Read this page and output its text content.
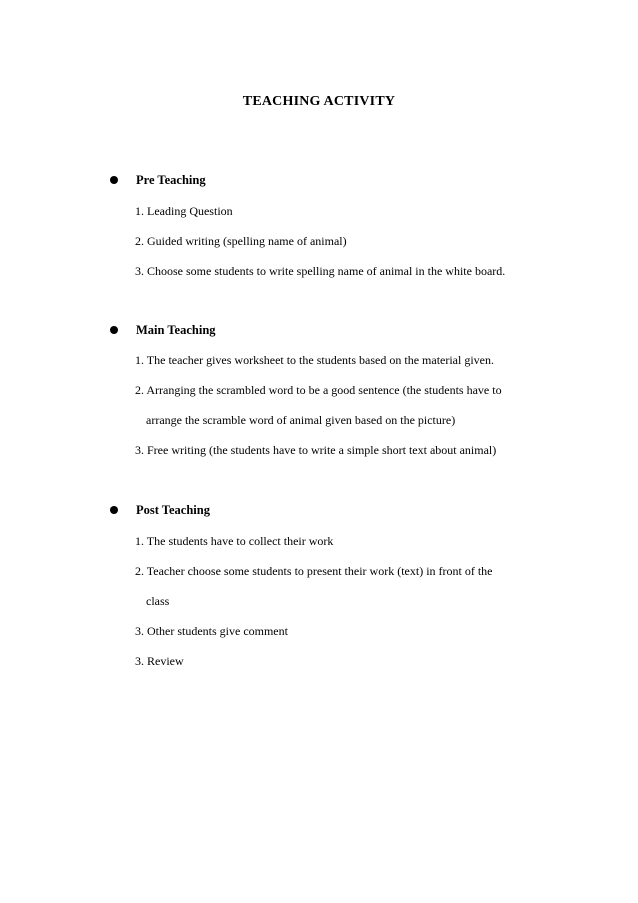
TEACHING ACTIVITY
Pre Teaching
1. Leading Question
2. Guided writing (spelling name of animal)
3. Choose some students to write spelling name of animal in the white board.
Main Teaching
1. The teacher gives worksheet to the students based on the material given.
2. Arranging the scrambled word to be a good sentence (the students have to
arrange the scramble word of animal given based on the picture)
3. Free writing (the students have to write a simple short text about animal)
Post Teaching
1. The students have to collect their work
2. Teacher choose some students to present their work (text) in front of the
class
3. Other students give comment
3. Review
